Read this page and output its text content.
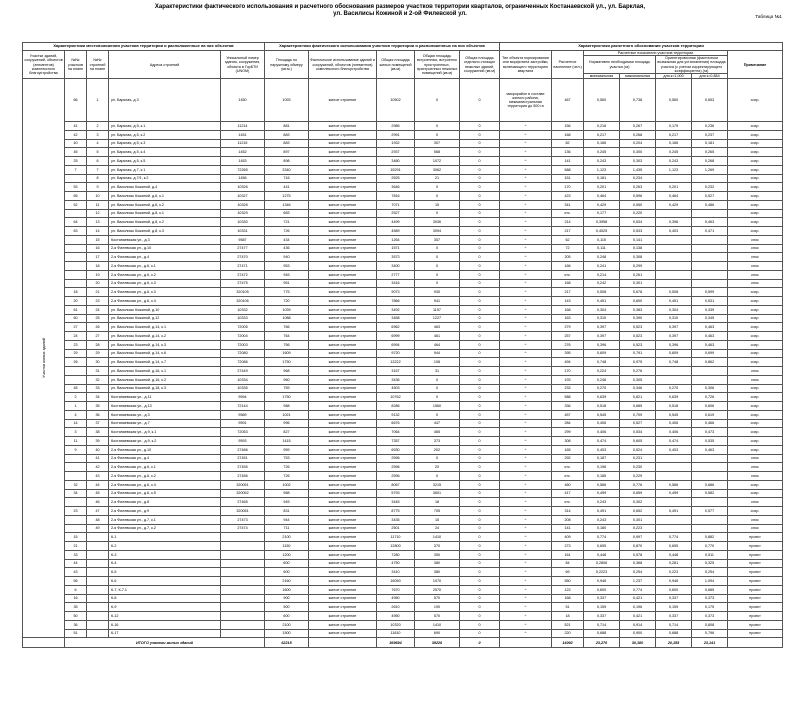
Характеристики фактического использования и расчетного обоснования размеров участков территории кварталов, ограниченных Костанаевской ул., ул. Барклая,
ул. Василисы Кожиной и 2-ой Филевской ул.	Таблица №1
Характеристики местоположения участков территории и расположенных на них объектов					Характеристики фактического использования участков территории и расположенных на них объектов					Характеристики расчетного обоснования участков территории						
Участки зданий, сооружений, объектов (элементов) комплексного благоустройства	№№ участков на плане	№№ строений на плане	Адреса строений	Уникальный номер здания, сооружения, объекта в ГорБТИ (UNOM)	Площадь по наружному обмеру (кв.м.)	Фактическое использование зданий и сооружений, объектов (элементов) комплексного благоустройства	Общая площадь жилых помещений (кв.м)	Общая площадь встроенных, встроенно пристроенных, пристроенных нежилых помещений (кв.м)	Общая площадь отдельно стоящих нежилых зданий, сооружений (кв.м)	Тип объекта нормирования или морфотипа застройки, включающего территорию квартала	Расчетное население (чел.)	Расчетные показатели участков территории				Примечание
												Нормативно необходимая площадь участка (га)		Ориентировочная (фактически возможная для установления) площадь участка (с учетом корректирующего коэффициента) (га)		
												минимальная	максимальная	для к=1,000	для к=0,884	

Участки жилых зданий	66	1	ул. Барклая, д.3	1450	1093	жилое строение	10502	0	0	микрорайон в составе жилого района, межмагистральная территория до 500 га	467	0,560	0,738	0,560	0,653	сохр.
	41	2	ул. Барклая, д.5, к.1	11214	881	жилое строение	2985	0	0	^	156	0,216	0,267	0,179	0,236	сохр.
	42	3	ул. Барклая, д.5, к.2	1451	883	жилое строение	2991	0	0	^	168	0,217	0,268	0,217	0,237	сохр.
	40	4	ул. Барклая, д.5, к.3	11215	883	жилое строение	1932	307	0	^	82	0,166	0,204	0,166	0,181	сохр.
	45	5	ул. Барклая, д.5, к.4	1452	897	жилое строение	2937	568	0	^	136	0,245	0,300	0,245	0,265	сохр.
	25	6	ул. Барклая, д.5, к.5	1453	898	жилое строение	3480	1072	0	^	141	0,243	0,303	0,243	0,268	сохр.
	7	7	ул. Барклая, д.7, к.1	72265	3340	жилое строение	15291	3062	0	^	688	1,123	1,435	1,123	1,269	сохр.
		8	ул. Барклая, д.7/1, к.2	1456	716	жилое строение	2525	21	0	^	151	0,181	0,234			сохр.
	53	9	ул. Василисы Кожиной, д.4	10326	441	жилое строение	3646	0	0	^	170	0,201	0,263	0,201	0,232	сохр.
	65	10	ул. Василисы Кожиной, д.6, к.1	10327	1275	жилое строение	7816	0	0	^	423	0,464	0,596	0,464	0,527	сохр.
	52	11	ул. Василисы Кожиной, д.6, к.2	10328	1346	жилое строение	7071	15	0	^	341	0,429	0,550	0,429	0,486	сохр.
		12	ул. Василисы Кожиной, д.8, к.1	10329	683	жилое строение	2527	0	0	^	отс.	0,177	0,220			сохр.
	64	13	ул. Василисы Кожиной, д.8, к.2	10330	721	жилое строение	4499	3036	0	^	214	0,3958	0,534	0,396	0,463	сохр.
	63	14	ул. Василисы Кожиной, д.8, к.3	10331	726	жилое строение	4589	3094	0	^	217	0,4025	0,533	0,403	0,471	сохр.
		15	Костанаевская ул., д.3	9587	434	жилое строение	1264	357	0	^	62	0,115	0,141			снос
		16	2-я Филевская ул., д.10	27477	436	жилое строение	1571	0	0	^	72	0,111	0,138			снос
		17	2-я Филевская ул., д.4	27470	940	жилое строение	3573	0	0	^	205	0,248	0,308			снос
		18	2-я Филевская ул., д.6, к.1	27471	953	жилое строение	3400	0	0	^	166	0,241	0,299			снос
		19	2-я Филевская ул., д.6, к.2	27472	945	жилое строение	2777	0	0	^	отс.	0,214	0,261			снос
		20	2-я Филевская ул., д.6, к.3	27475	951	жилое строение	3416	0	0	^	168	0,242	0,301			снос
	18	21	2-я Филевская ул., д.6, к.3	320105	775	жилое строение	9073	930	0	^	217	0,508	0,678	0,508	0,599	сохр.
	20	23	2-я Филевская ул., д.6, к.4	320106	720	жилое строение	7866	941	0	^	143	0,451	0,600	0,451	0,531	сохр.
	61	24	ул. Василисы Кожиной, д.10	10332	1039	жилое строение	3492	1157	0	^	168	0,304	0,383	0,304	0,339	сохр.
	60	25	ул. Василисы Кожиной, д.12	10333	1088	жилое строение	3458	1227	0	^	163	0,310	0,390	0,310	0,345	сохр.
	27	26	ул. Василисы Кожиной, д.14, к.1	72005	766	жилое строение	6962	463	0	^	279	0,397	0,523	0,397	0,463	сохр.
	24	27	ул. Василисы Кожиной, д.14, к.2	72004	764	жилое строение	6999	461	0	^	257	0,397	0,523	0,397	0,463	сохр.
	23	28	ул. Василисы Кожиной, д.14, к.3	72003	756	жилое строение	6994	464	0	^	276	0,396	0,523	0,396	0,463	сохр.
	29	29	ул. Василисы Кожиной, д.14, к.6	72080	1609	жилое строение	9720	944	0	^	395	0,609	0,791	0,609	0,699	сохр.
	26	30	ул. Василисы Кожиной, д.14, к.7	72086	1750	жилое строение	13222	108	0	^	494	0,748	0,975	0,748	0,862	сохр.
		31	ул. Василисы Кожиной, д.16, к.1	27449	968	жилое строение	3157	31	0	^	170	0,224	0,276			снос
		32	ул. Василисы Кожиной, д.16, к.2	10334	960	жилое строение	3436	0	0	^	193	0,246	0,305			снос
	45	33	ул. Василисы Кожиной, д.18, к.3	10335	759	жилое строение	4503	0	0	^	233	0,270	0,346	0,270	0,306	сохр.
	2	34	Костанаевская ул., д.11	9594	1750	жилое строение	10762	0	0	^	588	0,639	0,821	0,639	0,726	сохр.
	1	35	Костанаевская ул., д.13	72144	988	жилое строение	8286	1560	0	^	336	0,518	0,685	0,518	0,606	сохр.
	4	36	Костанаевская ул., д.3	9589	1021	жилое строение	9132	0	0	^	457	0,545	0,709	0,545	0,619	сохр.
	14	37	Костанаевская ул., д.7	9591	996	жилое строение	6676	447	0	^	284	0,406	0,527	0,406	0,466	сохр.
	3	38	Костанаевская ул., д.9, к.1	72053	827	жилое строение	7064	465	0	^	299	0,406	0,534	0,406	0,473	сохр.
	11	39	Костанаевская ул., д.9, к.2	9593	1415	жилое строение	7357	373	0	^	308	0,474	0,605	0,474	0,535	сохр.
	9	40	2-я Филевская ул., д.10	27466	959	жилое строение	6930	202	0	^	165	0,403	0,524	0,403	0,463	сохр.
		41	2-я Филевская ул., д.4	27451	753	жилое строение	2596	0	0	^	292	0,187	0,231			снос
		42	2-я Филевская ул., д.6, к.1	27455	726	жилое строение	2596	20	0	^	отс.	0,196	0,230			снос
		43	2-я Филевская ул., д.6, к.2	27456	726	жилое строение	2596	0	0	^	отс.	0,185	0,229			снос
	32	44	2-я Филевская ул., д.6, к.4	320051	1002	жилое строение	8067	3215	0	^	460	0,586	0,776	0,586	0,686	сохр.
	34	45	2-я Филевская ул., д.6, к.5	320052	988	жилое строение	5793	3601	0	^	417	0,499	0,659	0,499	0,582	сохр.
		46	2-я Филевская ул., д.8	27465	945	жилое строение	3445	18	0	^	отс.	0,243	0,302			снос
	23	47	2-я Филевская ул., д.9	320051	831	жилое строение	8775	705	0	^	314	0,491	0,652	0,491	0,577	сохр.
		48	2-я Филевская ул., д.7, к.1	27473	944	жилое строение	3435	15	0	^	208	0,243	0,301			снос
		49	2-я Филевская ул., д.7, к.2	27474	711	жилое строение	2501	24	0	^	141	0,180	0,223			снос
	15		К-1		2100	жилое строение	11710	1410	0	^	409	0,774	0,997	0,774	0,882	проект
	21		К-2		1150	жилое строение	12800	370	0	^	273	0,655	0,870	0,655	0,770	проект
	33		К-3		1200	жилое строение	7280	350	0	^	161	0,448	0,578	0,448	0,511	проект
	44		К-4		600	жилое строение	4750	380	0	^	84	0,2806	0,368	0,281	0,325	проект
	43		К-5		600	жилое строение	3410	380	0	^	69	0,2223	0,254	0,223	0,254	проект
	56		К-6		2160	жилое строение	16050	1070	0	^	550	0,946	1,237	0,946	1,094	проект
	6		К-7, К-7.1		1600	жилое строение	7670	2570	0	^	123	0,600	0,774	0,600	0,685	проект
	16		К-8		900	жилое строение	4950	570	0	^	168	0,337	0,421	0,337	0,373	проект
	35		К-9		500	жилое строение	2610	190	0	^	51	0,159	0,196	0,159	0,175	проект
	50		К-12		600	жилое строение	4950	570	0	^	18	0,337	0,421	0,337	0,373	проект
	36		К-16		2100	жилое строение	10320	1410	0	^	521	0,714	0,914	0,714	0,808	проект
	51		К-17		1500	жилое строение	11810	690	0	^	220	0,688	0,900	0,688	0,796	проект
	ИТОГО участки жилых зданий				62218		369694	39226	0		14092	23,276	30,180	20,155	23,141	
